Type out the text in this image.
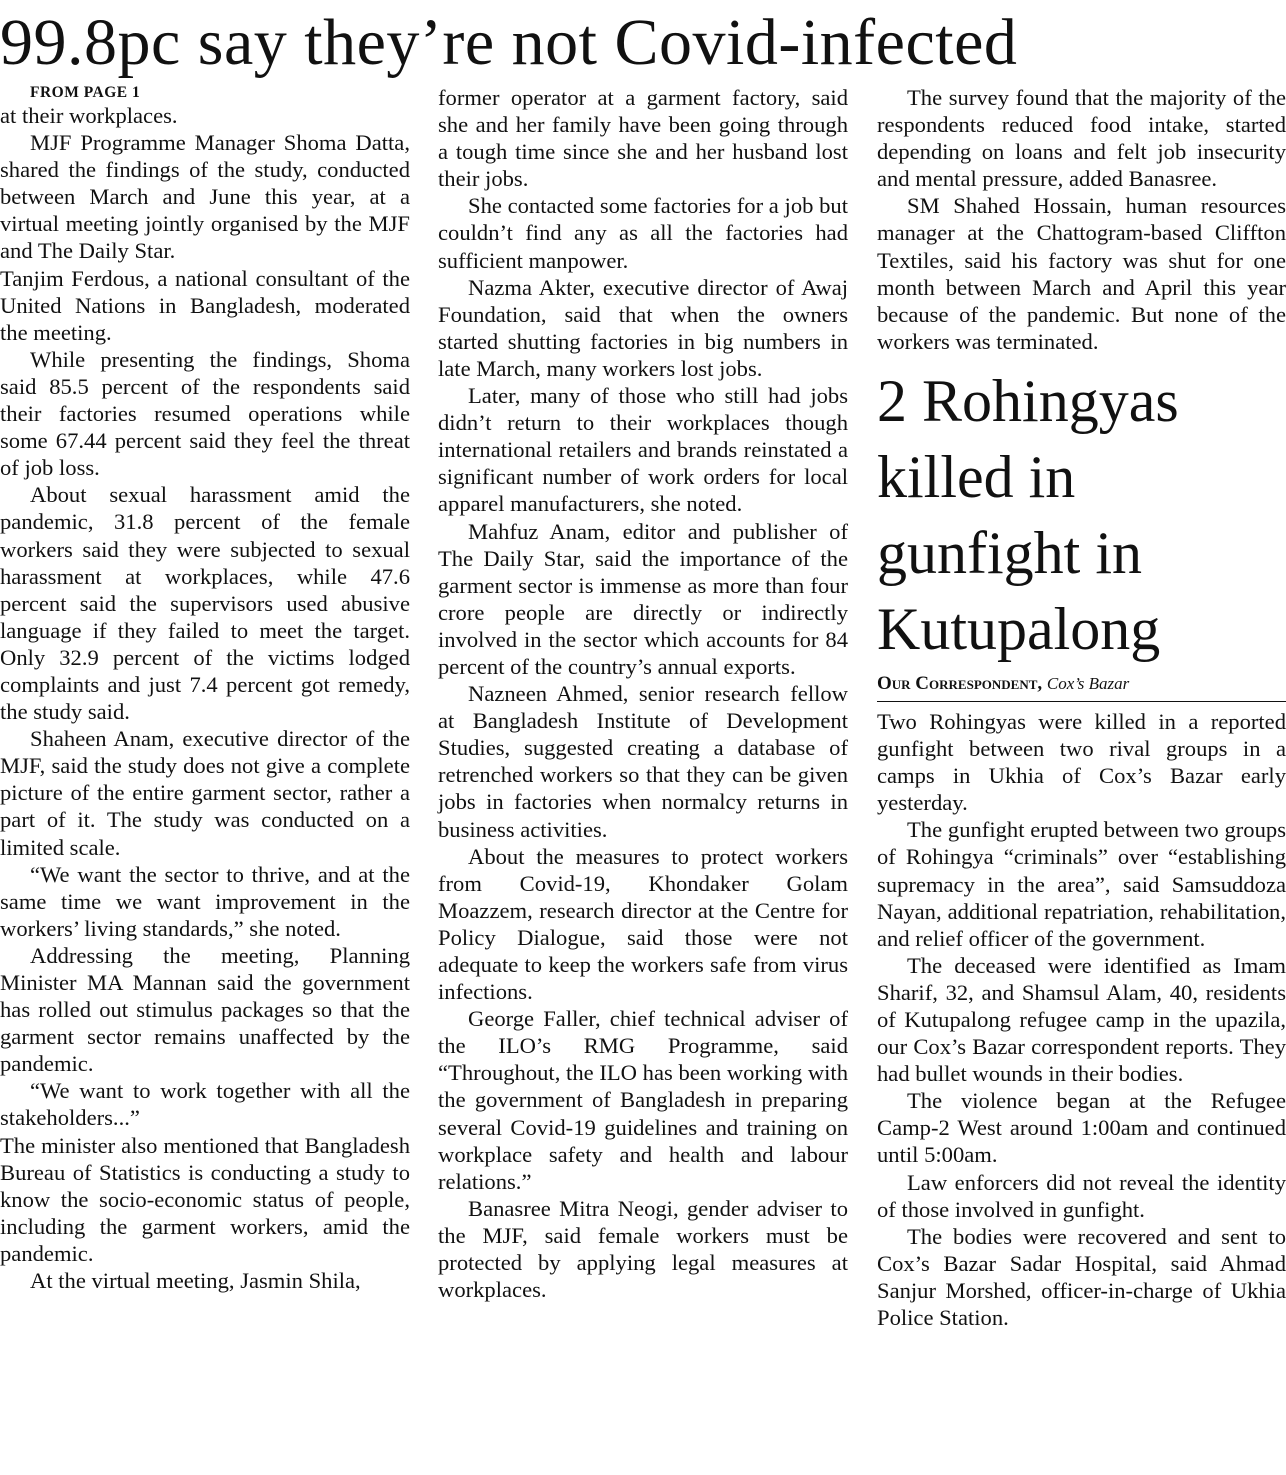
99.8pc say they’re not Covid-infected

FROM PAGE 1

at their workplaces.

MJF Programme Manager Shoma Datta, shared the findings of the study, conducted between March and June this year, at a virtual meeting jointly organised by the MJF and The Daily Star.

Tanjim Ferdous, a national consultant of the United Nations in Bangladesh, moderated the meeting.

While presenting the findings, Shoma said 85.5 percent of the respondents said their factories resumed operations while some 67.44 percent said they feel the threat of job loss.

About sexual harassment amid the pandemic, 31.8 percent of the female workers said they were subjected to sexual harassment at workplaces, while 47.6 percent said the supervisors used abusive language if they failed to meet the target. Only 32.9 percent of the victims lodged complaints and just 7.4 percent got remedy, the study said.

Shaheen Anam, executive director of the MJF, said the study does not give a complete picture of the entire garment sector, rather a part of it. The study was conducted on a limited scale.

“We want the sector to thrive, and at the same time we want improvement in the workers’ living standards,” she noted.

Addressing the meeting, Planning Minister MA Mannan said the government has rolled out stimulus packages so that the garment sector remains unaffected by the pandemic.

“We want to work together with all the stakeholders...”

The minister also mentioned that Bangladesh Bureau of Statistics is conducting a study to know the socio-economic status of people, including the garment workers, amid the pandemic.

At the virtual meeting, Jasmin Shila,

former operator at a garment factory, said she and her family have been going through a tough time since she and her husband lost their jobs.

She contacted some factories for a job but couldn’t find any as all the factories had sufficient manpower.

Nazma Akter, executive director of Awaj Foundation, said that when the owners started shutting factories in big numbers in late March, many workers lost jobs.

Later, many of those who still had jobs didn’t return to their workplaces though international retailers and brands reinstated a significant number of work orders for local apparel manufacturers, she noted.

Mahfuz Anam, editor and publisher of The Daily Star, said the importance of the garment sector is immense as more than four crore people are directly or indirectly involved in the sector which accounts for 84 percent of the country’s annual exports.

Nazneen Ahmed, senior research fellow at Bangladesh Institute of Development Studies, suggested creating a database of retrenched workers so that they can be given jobs in factories when normalcy returns in business activities.

About the measures to protect workers from Covid-19, Khondaker Golam Moazzem, research director at the Centre for Policy Dialogue, said those were not adequate to keep the workers safe from virus infections.

George Faller, chief technical adviser of the ILO’s RMG Programme, said “Throughout, the ILO has been working with the government of Bangladesh in preparing several Covid-19 guidelines and training on workplace safety and health and labour relations.”

Banasree Mitra Neogi, gender adviser to the MJF, said female workers must be protected by applying legal measures at workplaces.

The survey found that the majority of the respondents reduced food intake, started depending on loans and felt job insecurity and mental pressure, added Banasree.

SM Shahed Hossain, human resources manager at the Chattogram-based Cliffton Textiles, said his factory was shut for one month between March and April this year because of the pandemic. But none of the workers was terminated.

2 Rohingyas killed in gunfight in Kutupalong
Our Correspondent, Cox’s Bazar

Two Rohingyas were killed in a reported gunfight between two rival groups in a camps in Ukhia of Cox’s Bazar early yesterday.

The gunfight erupted between two groups of Rohingya “criminals” over “establishing supremacy in the area”, said Samsuddoza Nayan, additional repatriation, rehabilitation, and relief officer of the government.

The deceased were identified as Imam Sharif, 32, and Shamsul Alam, 40, residents of Kutupalong refugee camp in the upazila, our Cox’s Bazar correspondent reports. They had bullet wounds in their bodies.

The violence began at the Refugee Camp-2 West around 1:00am and continued until 5:00am.

Law enforcers did not reveal the identity of those involved in gunfight.

The bodies were recovered and sent to Cox’s Bazar Sadar Hospital, said Ahmad Sanjur Morshed, officer-in-charge of Ukhia Police Station.
